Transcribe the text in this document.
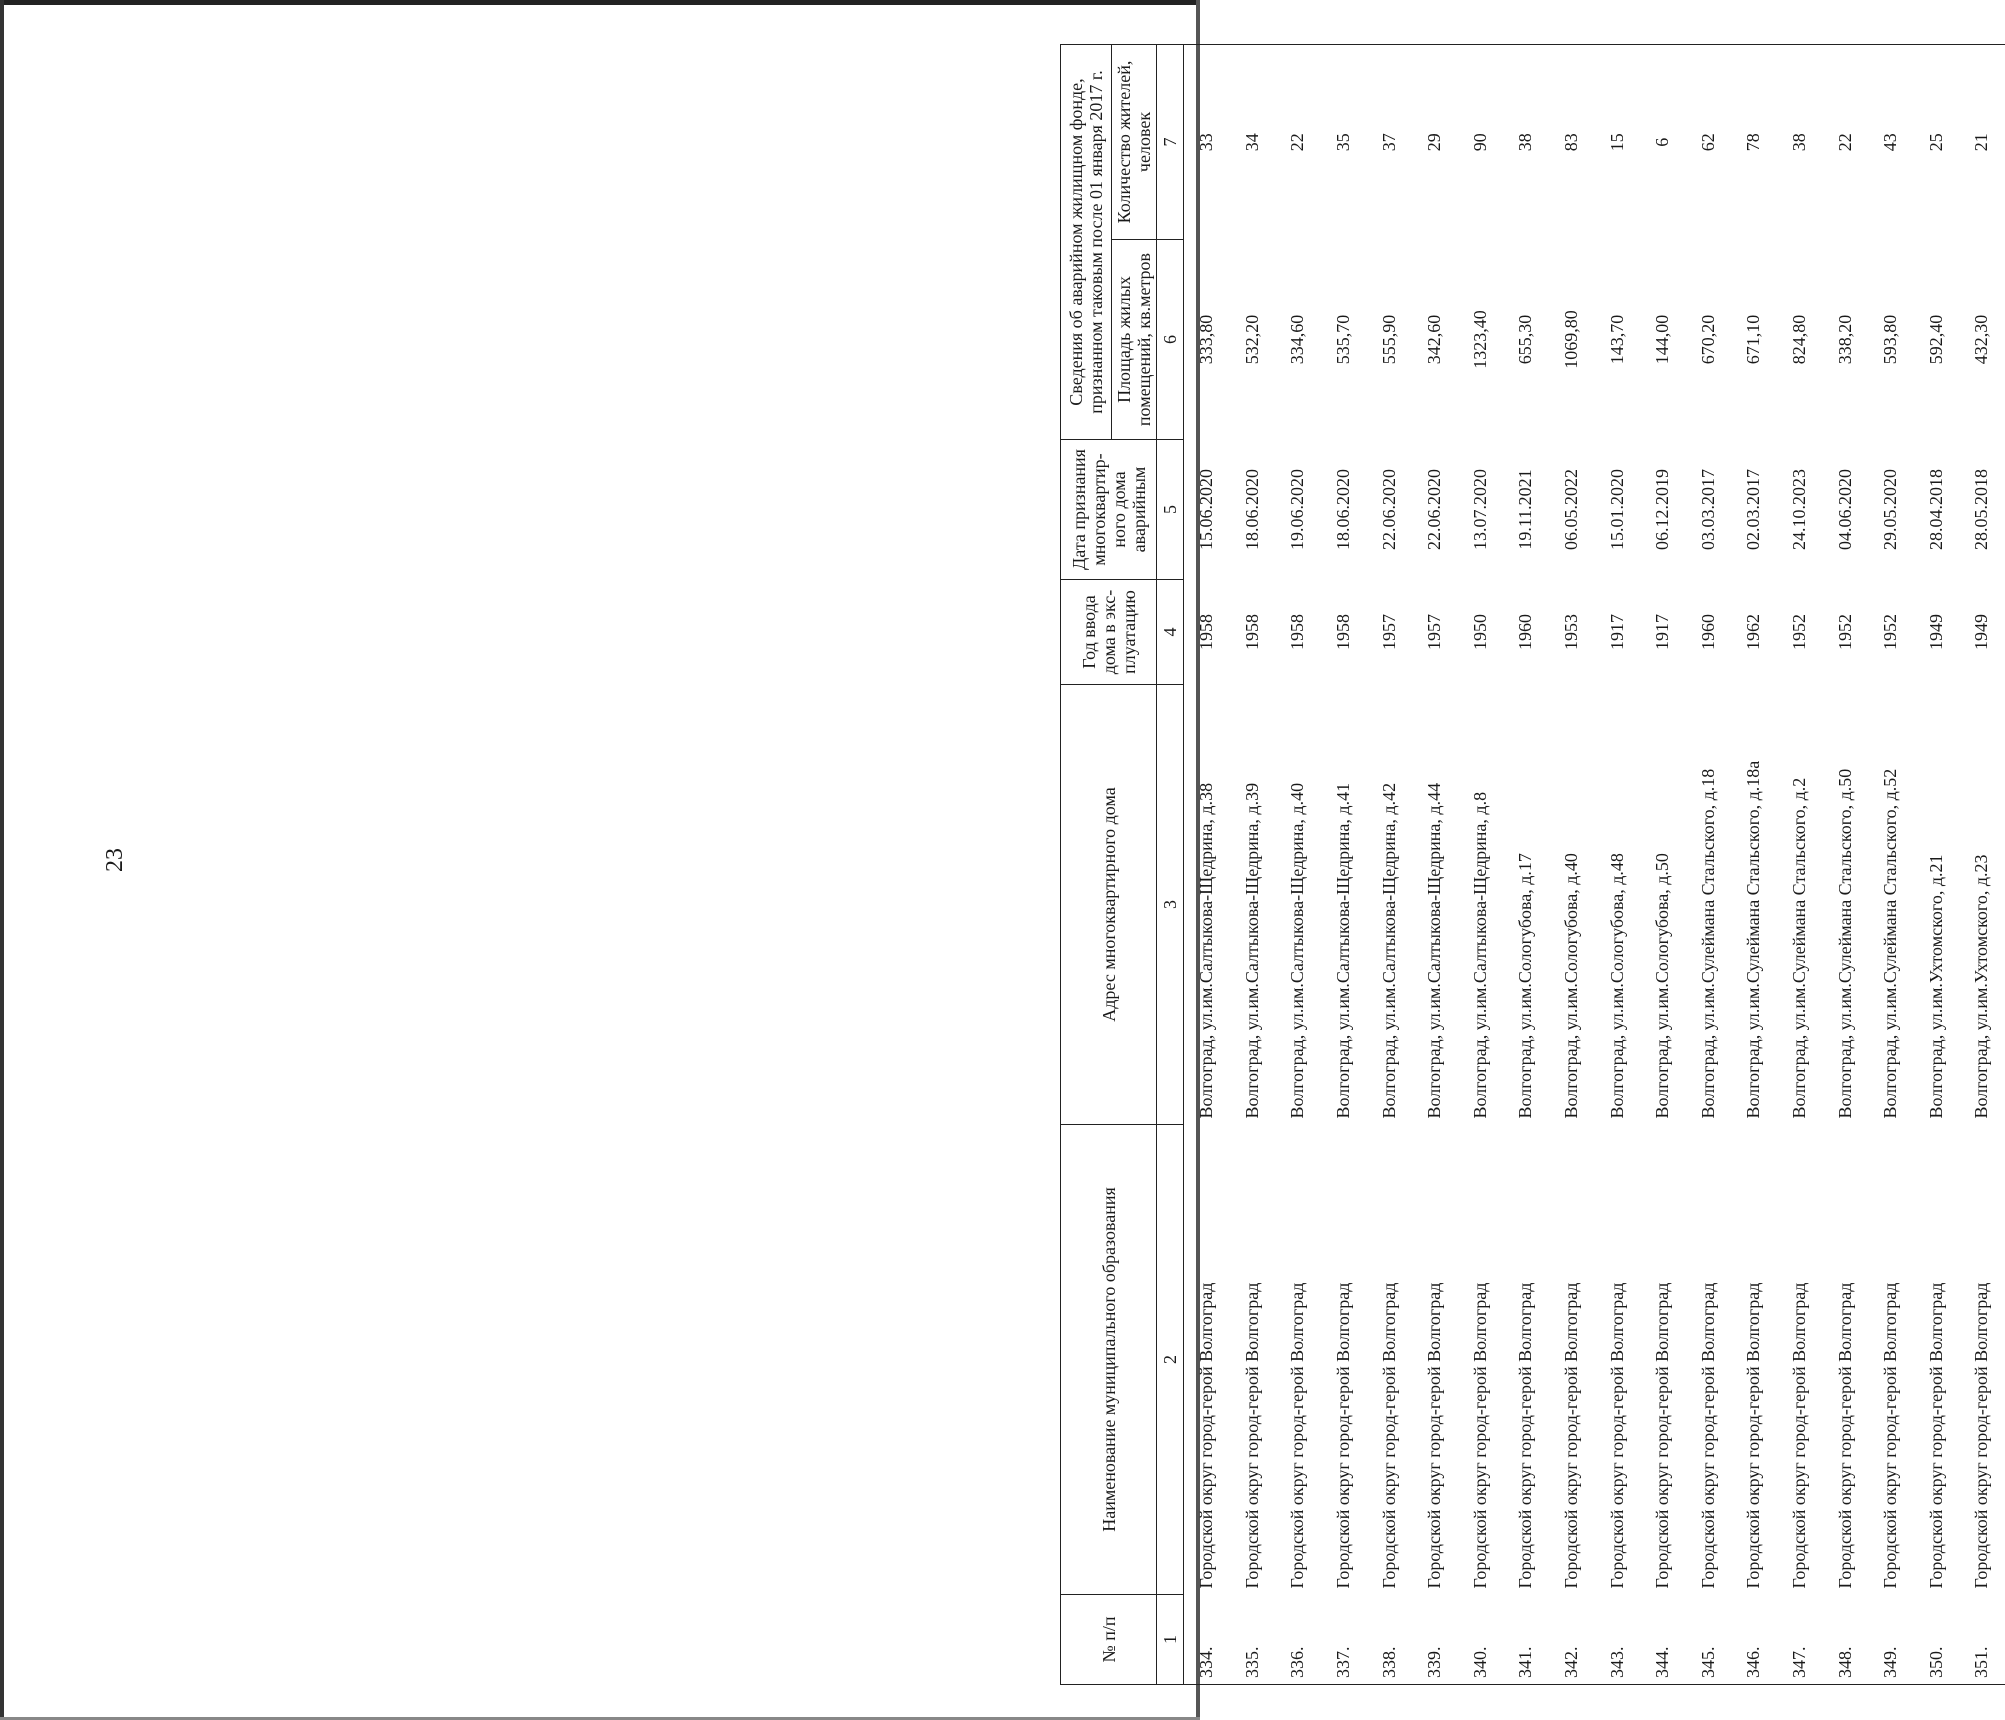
23
№ п/п	Наименование муниципального образования	Адрес многоквартирного дома	Год ввода дома в экс-плуатацию	Дата признания многоквартир-ного дома аварийным	Сведения об аварийном жилищном фонде, признанном таковым после 01 января 2017 г.	
					Площадь жилых помещений, кв.метров	Количество жителей, человек
1	2	3	4	5	6	7
334.	Городской округ город-герой Волгоград	Волгоград, ул.им.Салтыкова-Щедрина, д.38	1958	15.06.2020	333,80	33
335.	Городской округ город-герой Волгоград	Волгоград, ул.им.Салтыкова-Щедрина, д.39	1958	18.06.2020	532,20	34
336.	Городской округ город-герой Волгоград	Волгоград, ул.им.Салтыкова-Щедрина, д.40	1958	19.06.2020	334,60	22
337.	Городской округ город-герой Волгоград	Волгоград, ул.им.Салтыкова-Щедрина, д.41	1958	18.06.2020	535,70	35
338.	Городской округ город-герой Волгоград	Волгоград, ул.им.Салтыкова-Щедрина, д.42	1957	22.06.2020	555,90	37
339.	Городской округ город-герой Волгоград	Волгоград, ул.им.Салтыкова-Щедрина, д.44	1957	22.06.2020	342,60	29
340.	Городской округ город-герой Волгоград	Волгоград, ул.им.Салтыкова-Щедрина, д.8	1950	13.07.2020	1323,40	90
341.	Городской округ город-герой Волгоград	Волгоград, ул.им.Сологубова, д.17	1960	19.11.2021	655,30	38
342.	Городской округ город-герой Волгоград	Волгоград, ул.им.Сологубова, д.40	1953	06.05.2022	1069,80	83
343.	Городской округ город-герой Волгоград	Волгоград, ул.им.Сологубова, д.48	1917	15.01.2020	143,70	15
344.	Городской округ город-герой Волгоград	Волгоград, ул.им.Сологубова, д.50	1917	06.12.2019	144,00	6
345.	Городской округ город-герой Волгоград	Волгоград, ул.им.Сулеймана Стальского, д.18	1960	03.03.2017	670,20	62
346.	Городской округ город-герой Волгоград	Волгоград, ул.им.Сулеймана Стальского, д.18а	1962	02.03.2017	671,10	78
347.	Городской округ город-герой Волгоград	Волгоград, ул.им.Сулеймана Стальского, д.2	1952	24.10.2023	824,80	38
348.	Городской округ город-герой Волгоград	Волгоград, ул.им.Сулеймана Стальского, д.50	1952	04.06.2020	338,20	22
349.	Городской округ город-герой Волгоград	Волгоград, ул.им.Сулеймана Стальского, д.52	1952	29.05.2020	593,80	43
350.	Городской округ город-герой Волгоград	Волгоград, ул.им.Ухтомского, д.21	1949	28.04.2018	592,40	25
351.	Городской округ город-герой Волгоград	Волгоград, ул.им.Ухтомского, д.23	1949	28.05.2018	432,30	21
